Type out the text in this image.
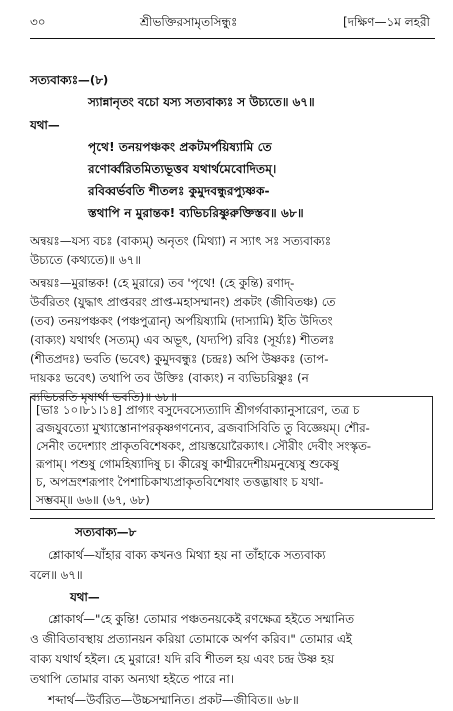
৩০	শ্রীভক্তিরসামৃতসিন্ধুঃ	[দক্ষিণ—১ম লহরী
সত্যবাক্যঃ—(৮)
স্যান্নানৃতং বচো যস্য সত্যবাক্যঃ স উচ্যতে॥ ৬৭॥
যথা—
পৃথে! তনয়পঞ্চকং প্রকটমর্পয়িষ্যামি তে
রণোর্ব্বরিতমিত্যভূত্তব যথার্থমেবোদিতম্।
রবিব্বর্ভবতি শীতলঃ কুমুদবন্ধুরপ্যুষ্ণক-
স্তথাপি ন মুরান্তক! ব্যভিচরিষ্ণুরুক্তিস্তব॥ ৬৮॥
অন্বয়ঃ—যস্য বচঃ (বাক্যম্) অনৃতং (মিথ্যা) ন স্যাৎ সঃ সত্যবাক্যঃ
উচ্যতে (কথ্যতে)॥ ৬৭॥
অন্বয়ঃ—মুরান্তক! (হে মুরারে) তব 'পৃথে! (হে কুন্তি) রণাদ্-
উর্বরিতং (যুদ্ধাৎ প্রাপ্তবরং প্রাপ্ত-মহাসম্মানং) প্রকটং (জীবিতঞ্চ) তে
(তব) তনয়পঞ্চকং (পঞ্চপুত্রান্) অর্পয়িষ্যামি (দাস্যামি) ইতি উদিতং
(বাক্যং) যথার্থং (সত্যম্) এব অভূৎ, (যদ্যপি) রবিঃ (সূর্য্যঃ) শীতলঃ
(শীতপ্রদঃ) ভবতি (ভবেৎ) কুমুদবন্ধুঃ (চন্দ্রঃ) অপি উষ্ণকঃ (তাপ-
দায়কঃ ভবেৎ) তথাপি তব উক্তিঃ (বাক্যং) ন ব্যভিচরিষ্ণুঃ (ন
ব্যভিচরতি মৃষার্থা ভবতি)॥ ৬৮॥
[ভাঃ ১০।৮১।১৪] প্রাগ্যং বসুদেবস্যেত্যাদি শ্রীগর্গবাক্যানুসারেণ, তত্র চ
ব্রজযুবত্যো মুখ্যাস্তোনাপরকৃষ্ণগণন্যেব, ব্রজবাসিবিতি তু বিজ্ঞেয়ম্। শৌর-
সেনীং তদেশ্যাং প্রাকৃতবিশেষকং, প্রায়স্তয়োরৈক্যাৎ। সৌরীং দেবীং সংস্কৃত-
রূপাম্। পশুষু গোমহিষ্যাদিষু চ। কীরেষু কাশ্মীরদেশীয়মনুষ্যেষু শুকেষু
চ, অপভ্রংশরূপাং পৈশাচিকাখ্যপ্রাকৃতবিশেষাং তত্তদ্ভাষাং চ যথা-
সম্ভবম্॥ ৬৬॥ (৬৭, ৬৮)
সত্যবাক্য—৮
শ্লোকার্থ—যাঁহার বাক্য কখনও মিথ্যা হয় না তাঁহাকে সত্যবাক্য
বলে॥ ৬৭॥
যথা—
শ্লোকার্থ—"হে কুন্তি! তোমার পঞ্চতনয়কেই রণক্ষেত্র হইতে সম্মানিত
ও জীবিতাবস্থায় প্রত্যানয়ন করিয়া তোমাকে অর্পণ করিব।" তোমার এই
বাক্য যথার্থ হইল। হে মুরারে! যদি রবি শীতল হয় এবং চন্দ্র উষ্ণ হয়
তথাপি তোমার বাক্য অন্যথা হইতে পারে না।
শব্দার্থ—উর্বরিত—উচ্চসম্মানিত। প্রকট—জীবিত॥ ৬৮॥
